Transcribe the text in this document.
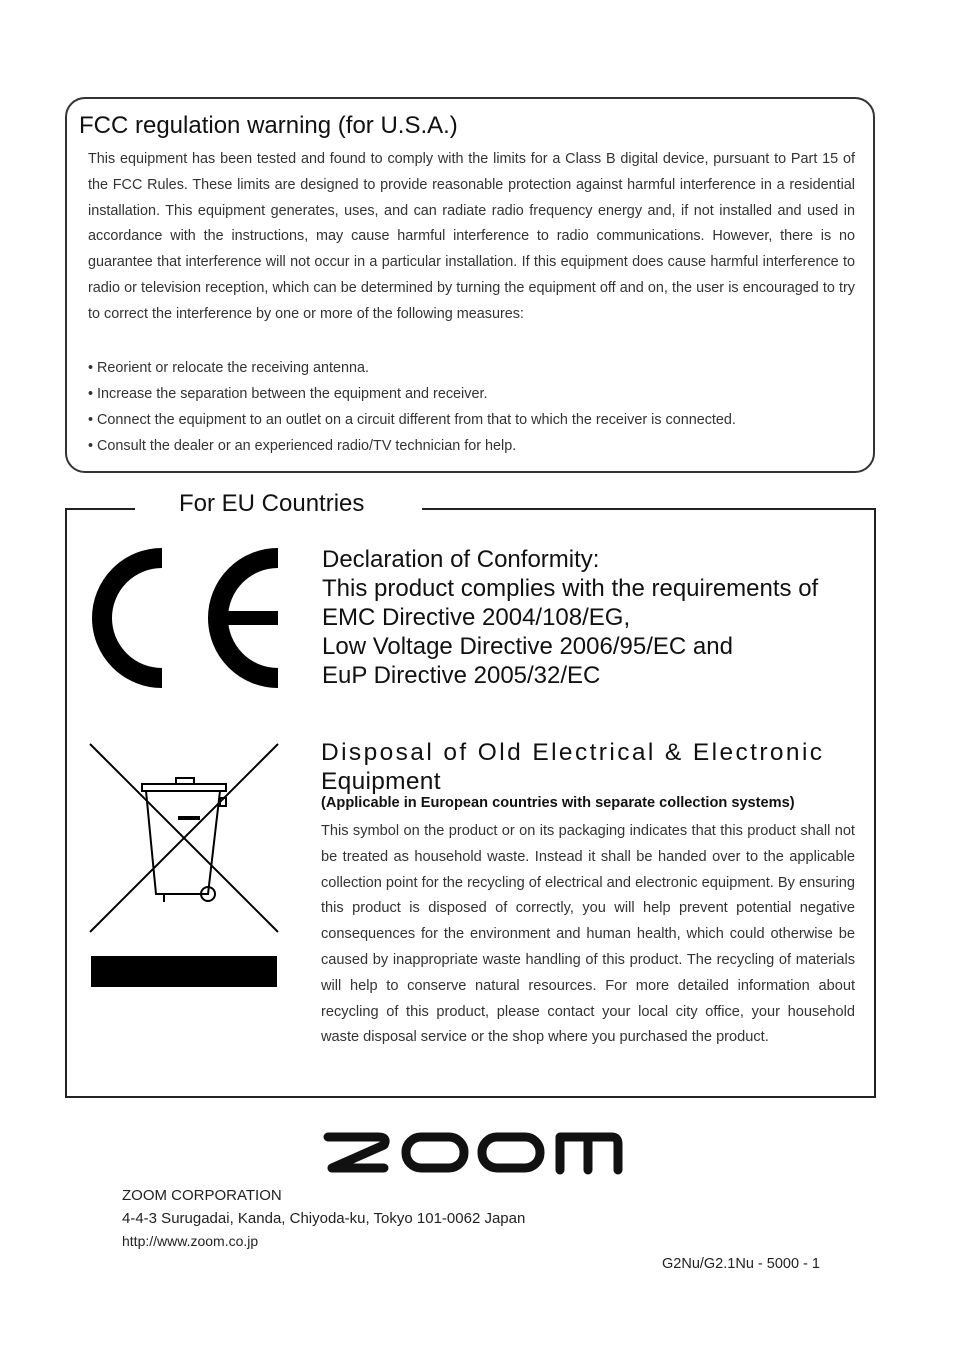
FCC regulation warning (for U.S.A.)

This equipment has been tested and found to comply with the limits for a Class B digital device, pursuant to Part 15 of the FCC Rules. These limits are designed to provide reasonable protection against harmful interference in a residential installation. This equipment generates, uses, and can radiate radio frequency energy and, if not installed and used in accordance with the instructions, may cause harmful interference to radio communications. However, there is no guarantee that interference will not occur in a particular installation. If this equipment does cause harmful interference to radio or television reception, which can be determined by turning the equipment off and on, the user is encouraged to try to correct the interference by one or more of the following measures:

• Reorient or relocate the receiving antenna.
• Increase the separation between the equipment and receiver.
• Connect the equipment to an outlet on a circuit different from that to which the receiver is connected.
• Consult the dealer or an experienced radio/TV technician for help.
For EU Countries
Declaration of Conformity:
This product complies with the requirements of
EMC Directive 2004/108/EG,
Low Voltage Directive 2006/95/EC and
EuP Directive 2005/32/EC
Disposal of Old Electrical & Electronic
Equipment
(Applicable in European countries with separate collection systems)

This symbol on the product or on its packaging indicates that this product shall not be treated as household waste. Instead it shall be handed over to the applicable collection point for the recycling of electrical and electronic equipment. By ensuring this product is disposed of correctly, you will help prevent potential negative consequences for the environment and human health, which could otherwise be caused by inappropriate waste handling of this product. The recycling of materials will help to conserve natural resources. For more detailed information about recycling of this product, please contact your local city office, your household waste disposal service or the shop where you purchased the product.

ZOOM CORPORATION
4-4-3 Surugadai, Kanda, Chiyoda-ku, Tokyo 101-0062 Japan
http://www.zoom.co.jp
G2Nu/G2.1Nu - 5000 - 1
